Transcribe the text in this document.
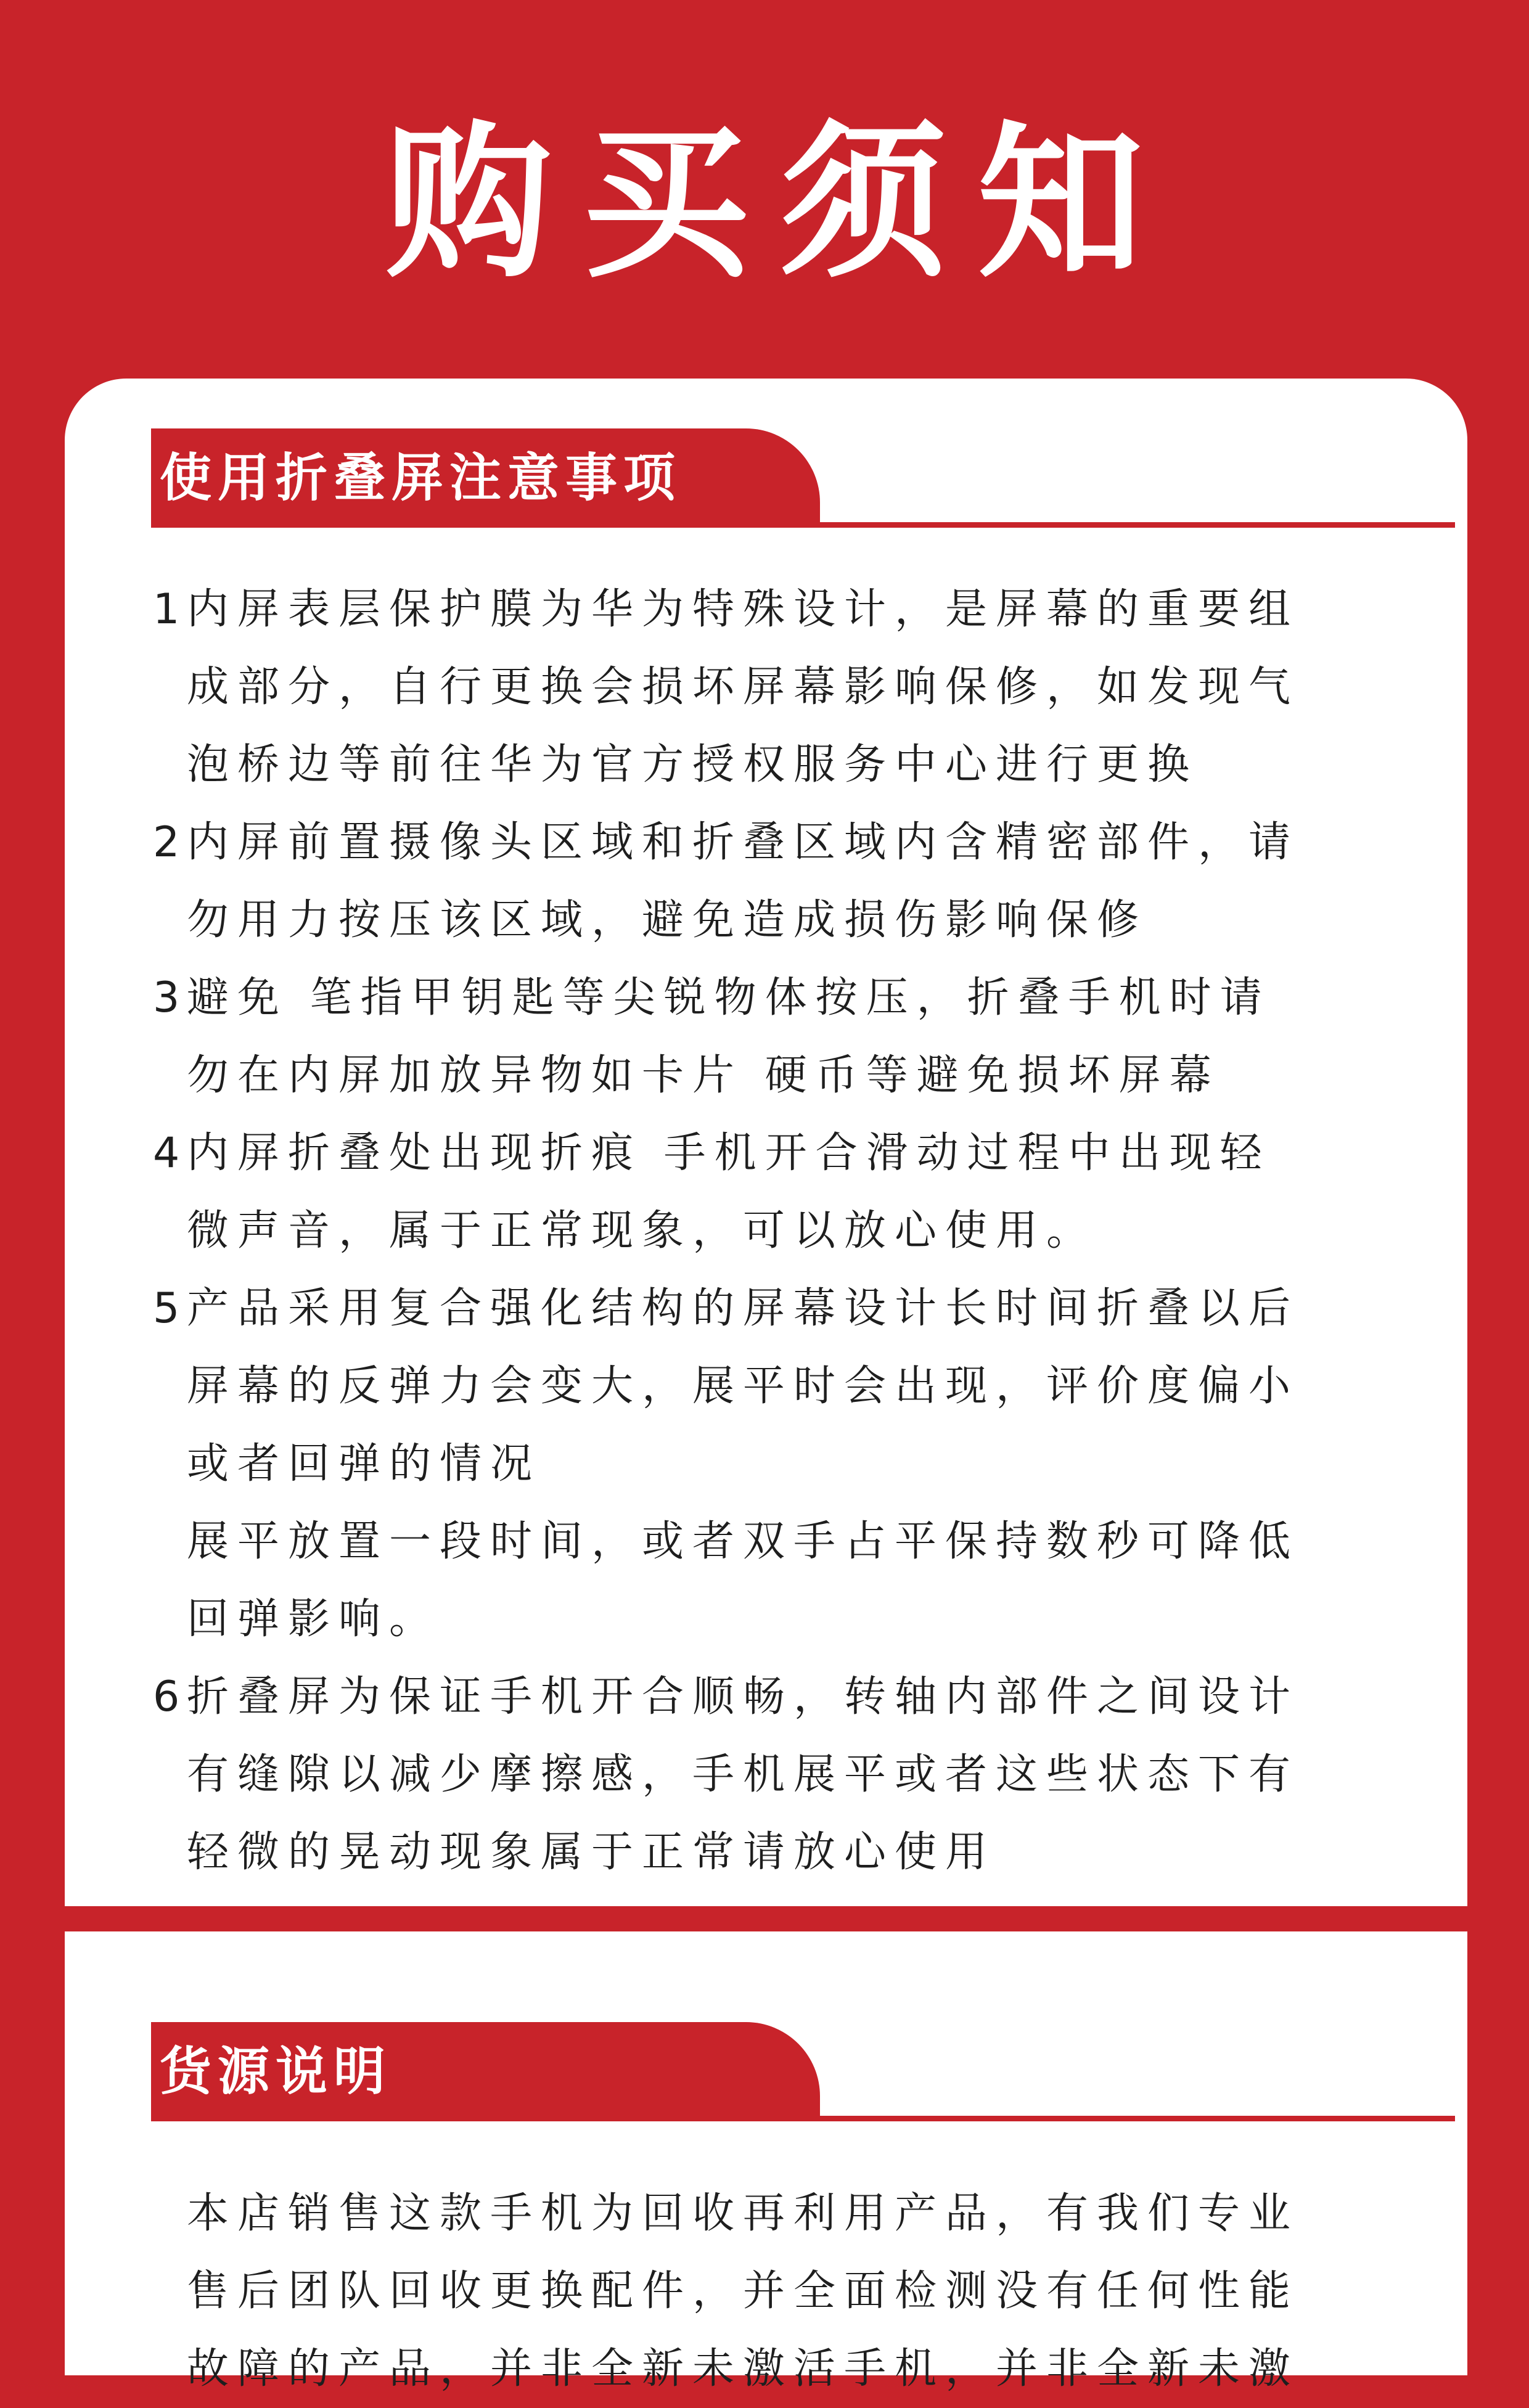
购买须知
使用折叠屏注意事项
1 内屏表层保护膜为华为特殊设计，是屏幕的重要组
成部分，自行更换会损坏屏幕影响保修，如发现气
泡桥边等前往华为官方授权服务中心进行更换
2 内屏前置摄像头区域和折叠区域内含精密部件，请
勿用力按压该区域，避免造成损伤影响保修
3 避免 笔指甲钥匙等尖锐物体按压，折叠手机时请
勿在内屏加放异物如卡片 硬币等避免损坏屏幕
4 内屏折叠处出现折痕 手机开合滑动过程中出现轻
微声音，属于正常现象，可以放心使用。
5 产品采用复合强化结构的屏幕设计长时间折叠以后
屏幕的反弹力会变大，展平时会出现，评价度偏小
或者回弹的情况
展平放置一段时间，或者双手占平保持数秒可降低
回弹影响。
6 折叠屏为保证手机开合顺畅，转轴内部件之间设计
有缝隙以减少摩擦感，手机展平或者这些状态下有
轻微的晃动现象属于正常请放心使用
货源说明
本店销售这款手机为回收再利用产品，有我们专业
售后团队回收更换配件，并全面检测没有任何性能
故障的产品，并非全新未激活手机，并非全新未激
